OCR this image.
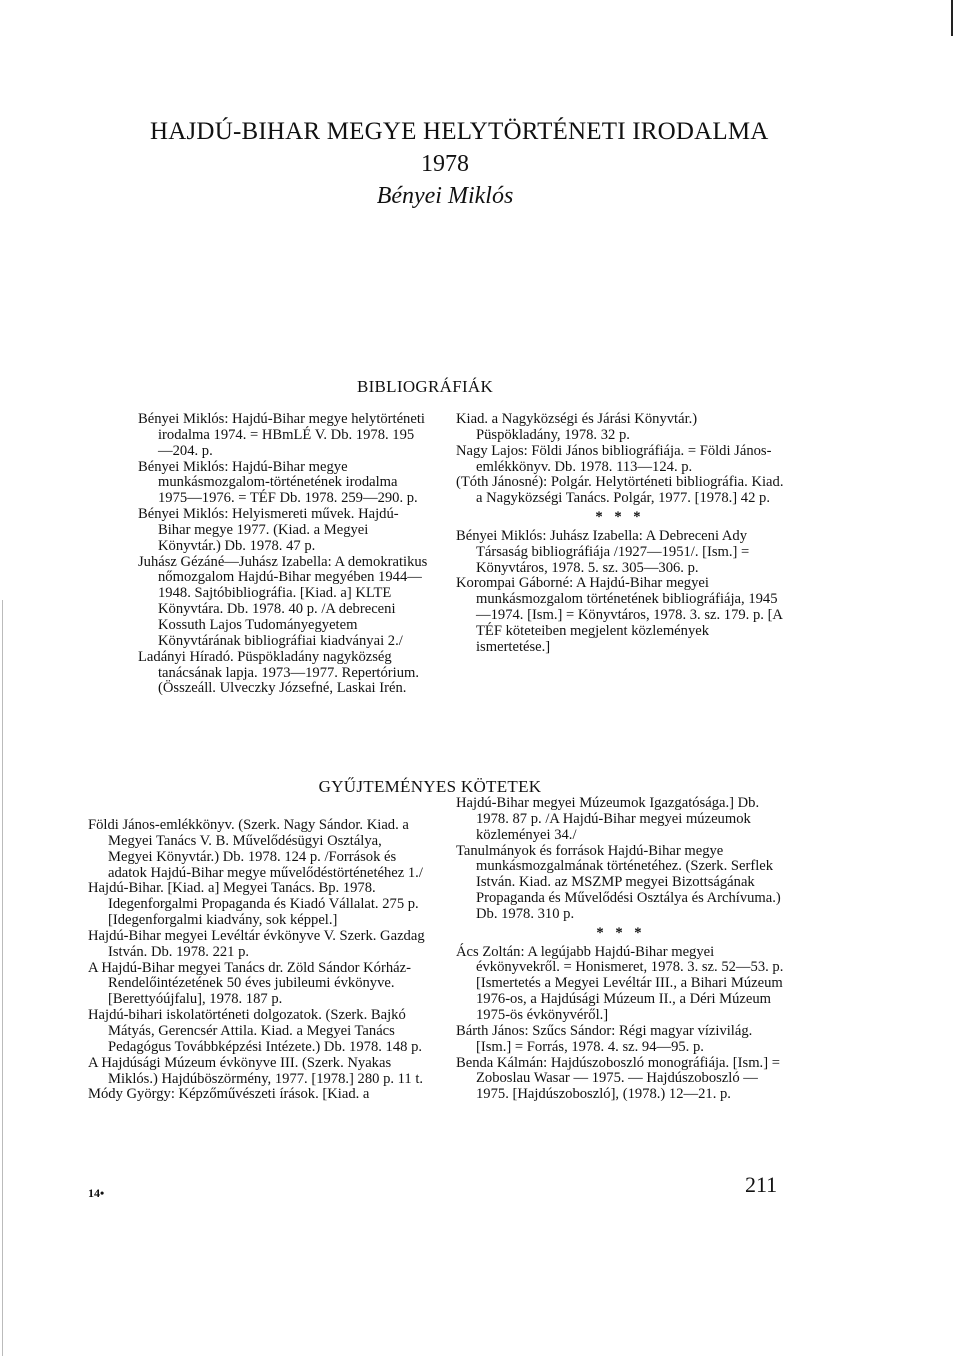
HAJDÚ-BIHAR MEGYE HELYTÖRTÉNETI IRODALMA
1978
Bényei Miklós
BIBLIOGRÁFIÁK

Bényei Miklós: Hajdú-Bihar megye helytörténeti irodalma 1974. = HBmLÉ V. Db. 1978. 195—204. p.

Bényei Miklós: Hajdú-Bihar megye munkásmozgalom-történetének irodalma 1975—1976. = TÉF Db. 1978. 259—290. p.

Bényei Miklós: Helyismereti művek. Hajdú-Bihar megye 1977. (Kiad. a Megyei Könyvtár.) Db. 1978. 47 p.

Juhász Gézáné—Juhász Izabella: A demokratikus nőmozgalom Hajdú-Bihar megyében 1944—1948. Sajtóbibliográfia. [Kiad. a] KLTE Könyvtára. Db. 1978. 40 p. /A debreceni Kossuth Lajos Tudományegyetem Könyvtárának bibliográfiai kiadványai 2./

Ladányi Híradó. Püspökladány nagyközség tanácsának lapja. 1973—1977. Repertórium. (Összeáll. Ulveczky Józsefné, Laskai Irén.

Kiad. a Nagyközségi és Járási Könyvtár.) Püspökladány, 1978. 32 p.

Nagy Lajos: Földi János bibliográfiája. = Földi János-emlékkönyv. Db. 1978. 113—124. p.

(Tóth Jánosné): Polgár. Helytörténeti bibliográfia. Kiad. a Nagyközségi Tanács. Polgár, 1977. [1978.] 42 p.

* * *

Bényei Miklós: Juhász Izabella: A Debreceni Ady Társaság bibliográfiája /1927—1951/. [Ism.] = Könyvtáros, 1978. 5. sz. 305—306. p.

Korompai Gáborné: A Hajdú-Bihar megyei munkásmozgalom történetének bibliográfiája, 1945—1974. [Ism.] = Könyvtáros, 1978. 3. sz. 179. p. [A TÉF köteteiben megjelent közlemények ismertetése.]

GYŰJTEMÉNYES KÖTETEK

Földi János-emlékkönyv. (Szerk. Nagy Sándor. Kiad. a Megyei Tanács V. B. Művelődésügyi Osztálya, Megyei Könyvtár.) Db. 1978. 124 p. /Források és adatok Hajdú-Bihar megye művelődéstörténetéhez 1./

Hajdú-Bihar. [Kiad. a] Megyei Tanács. Bp. 1978. Idegenforgalmi Propaganda és Kiadó Vállalat. 275 p. [Idegenforgalmi kiadvány, sok képpel.]

Hajdú-Bihar megyei Levéltár évkönyve V. Szerk. Gazdag István. Db. 1978. 221 p.

A Hajdú-Bihar megyei Tanács dr. Zöld Sándor Kórház-Rendelőintézetének 50 éves jubileumi évkönyve. [Berettyóújfalu], 1978. 187 p.

Hajdú-bihari iskolatörténeti dolgozatok. (Szerk. Bajkó Mátyás, Gerencsér Attila. Kiad. a Megyei Tanács Pedagógus Továbbképzési Intézete.) Db. 1978. 148 p.

A Hajdúsági Múzeum évkönyve III. (Szerk. Nyakas Miklós.) Hajdúböszörmény, 1977. [1978.] 280 p. 11 t.

Módy György: Képzőművészeti írások. [Kiad. a

Hajdú-Bihar megyei Múzeumok Igazgatósága.] Db. 1978. 87 p. /A Hajdú-Bihar megyei múzeumok közleményei 34./

Tanulmányok és források Hajdú-Bihar megye munkásmozgalmának történetéhez. (Szerk. Serflek István. Kiad. az MSZMP megyei Bizottságának Propaganda és Művelődési Osztálya és Archívuma.) Db. 1978. 310 p.

* * *

Ács Zoltán: A legújabb Hajdú-Bihar megyei évkönyvekről. = Honismeret, 1978. 3. sz. 52—53. p. [Ismertetés a Megyei Levéltár III., a Bihari Múzeum 1976-os, a Hajdúsági Múzeum II., a Déri Múzeum 1975-ös évkönyvéről.]

Bárth János: Szűcs Sándor: Régi magyar vízivilág. [Ism.] = Forrás, 1978. 4. sz. 94—95. p.

Benda Kálmán: Hajdúszoboszló monográfiája. [Ism.] = Zoboslau Wasar — 1975. — Hajdúszoboszló — 1975. [Hajdúszoboszló], (1978.) 12—21. p.

14•	211
